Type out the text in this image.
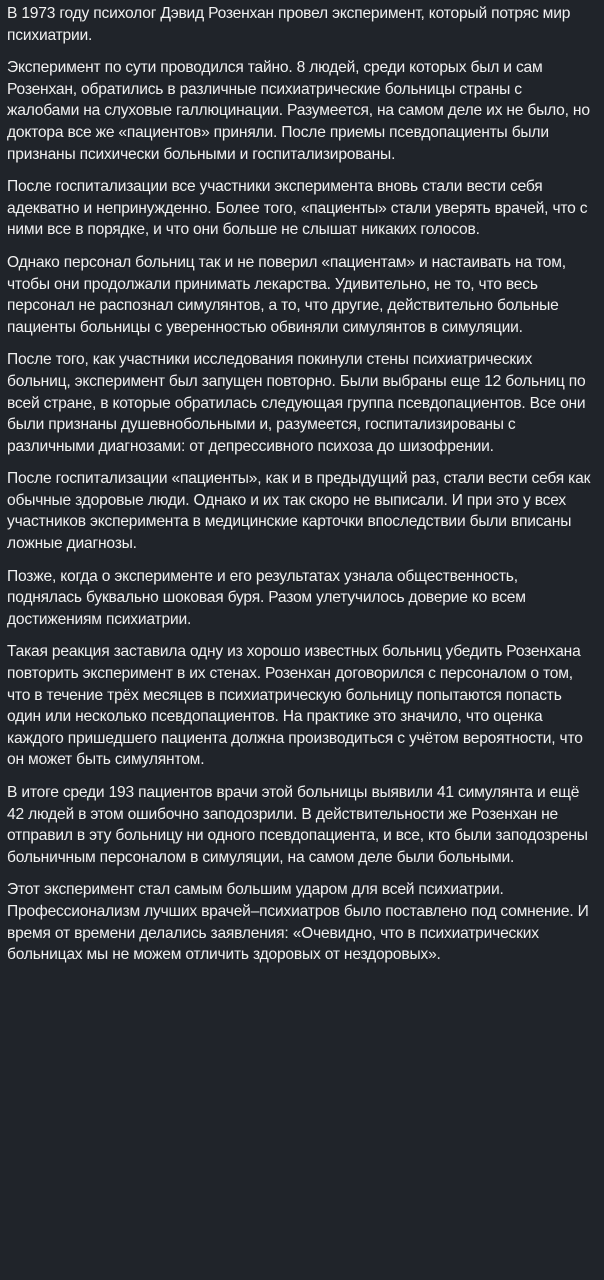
В 1973 году психолог Дэвид Розенхан провел эксперимент, который потряс мир психиатрии.

Эксперимент по сути проводился тайно. 8 людей, среди которых был и сам Розенхан, обратились в различные психиатрические больницы страны с жалобами на слуховые галлюцинации. Разумеется, на самом деле их не было, но доктора все же «пациентов» приняли. После приемы псевдопациенты были признаны психически больными и госпитализированы.

После госпитализации все участники эксперимента вновь стали вести себя адекватно и непринужденно. Более того, «пациенты» стали уверять врачей, что с ними все в порядке, и что они больше не слышат никаких голосов.

Однако персонал больниц так и не поверил «пациентам» и настаивать на том, чтобы они продолжали принимать лекарства. Удивительно, не то, что весь персонал не распознал симулянтов, а то, что другие, действительно больные пациенты больницы с уверенностью обвиняли симулянтов в симуляции.

После того, как участники исследования покинули стены психиатрических больниц, эксперимент был запущен повторно. Были выбраны еще 12 больниц по всей стране, в которые обратилась следующая группа псевдопациентов. Все они были признаны душевнобольными и, разумеется, госпитализированы с различными диагнозами: от депрессивного психоза до шизофрении.

После госпитализации «пациенты», как и в предыдущий раз, стали вести себя как обычные здоровые люди. Однако и их так скоро не выписали. И при это у всех участников эксперимента в медицинские карточки впоследствии были вписаны ложные диагнозы.

Позже, когда о эксперименте и его результатах узнала общественность, поднялась буквально шоковая буря. Разом улетучилось доверие ко всем достижениям психиатрии.

Такая реакция заставила одну из хорошо известных больниц убедить Розенхана повторить эксперимент в их стенах. Розенхан договорился с персоналом о том, что в течение трёх месяцев в психиатрическую больницу попытаются попасть один или несколько псевдопациентов. На практике это значило, что оценка каждого пришедшего пациента должна производиться с учётом вероятности, что он может быть симулянтом.

В итоге среди 193 пациентов врачи этой больницы выявили 41 симулянта и ещё 42 людей в этом ошибочно заподозрили. В действительности же Розенхан не отправил в эту больницу ни одного псевдопациента, и все, кто были заподозрены больничным персоналом в симуляции, на самом деле были больными.

Этот эксперимент стал самым большим ударом для всей психиатрии. Профессионализм лучших врачей–психиатров было поставлено под сомнение. И время от времени делались заявления: «Очевидно, что в психиатрических больницах мы не можем отличить здоровых от нездоровых».
